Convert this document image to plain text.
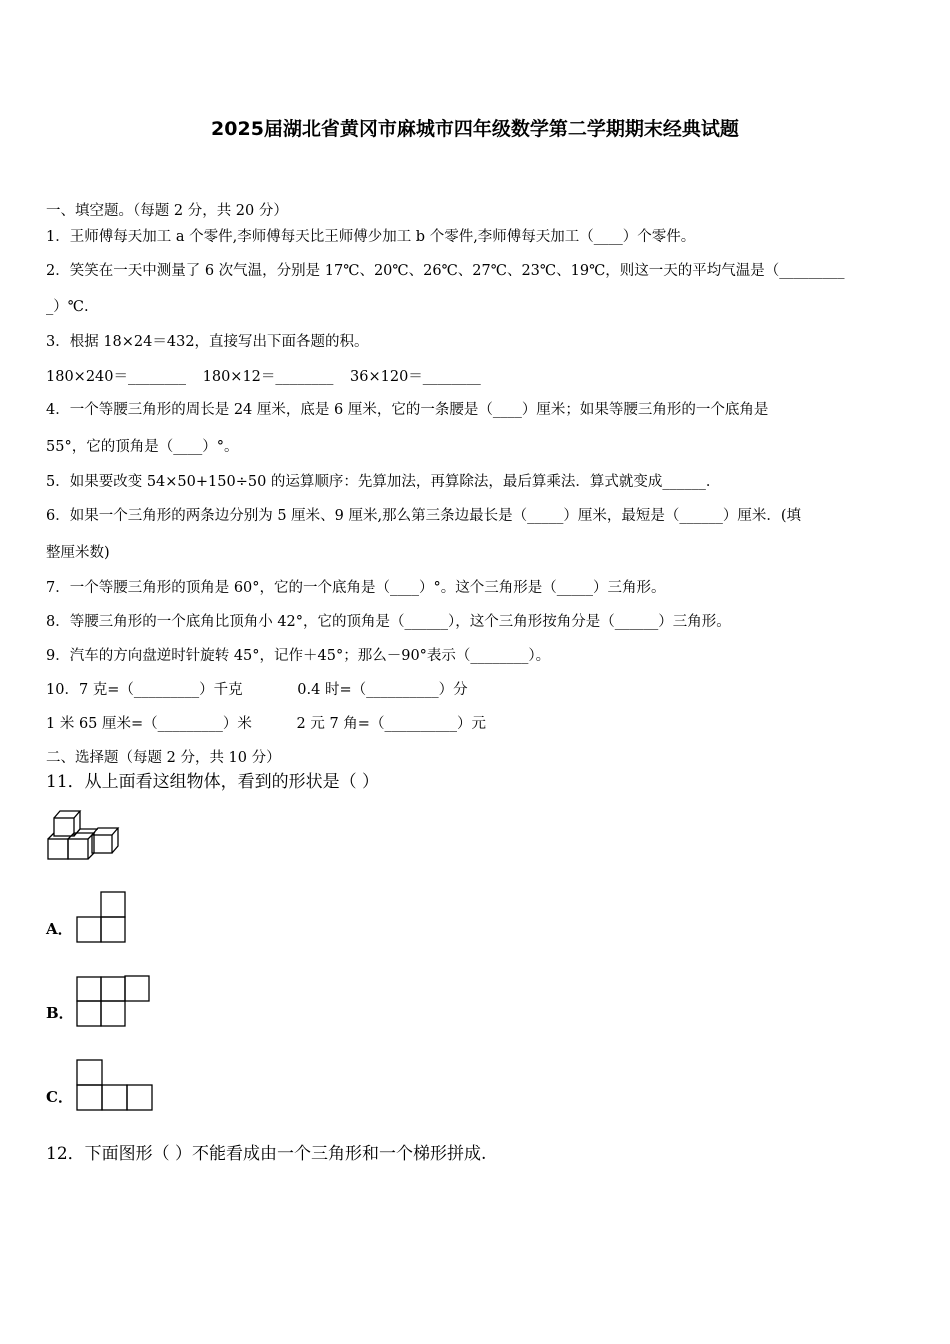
2025届湖北省黄冈市麻城市四年级数学第二学期期末经典试题
一、填空题。（每题 2 分，共 20 分）
1．王师傅每天加工 a 个零件,李师傅每天比王师傅少加工 b 个零件,李师傅每天加工（____）个零件。
2．笑笑在一天中测量了 6 次气温，分别是 17℃、20℃、26℃、27℃、23℃、19℃，则这一天的平均气温是（_________
_）℃.
3．根据 18×24＝432，直接写出下面各题的积。
180×240＝________ 180×12＝________ 36×120＝________
4．一个等腰三角形的周长是 24 厘米，底是 6 厘米，它的一条腰是（____）厘米；如果等腰三角形的一个底角是
55°，它的顶角是（____）°。
5．如果要改变 54×50+150÷50 的运算顺序：先算加法，再算除法，最后算乘法．算式就变成______．
6．如果一个三角形的两条边分别为 5 厘米、9 厘米,那么第三条边最长是（_____）厘米，最短是（______）厘米．(填
整厘米数)
7．一个等腰三角形的顶角是 60°，它的一个底角是（____）°。这个三角形是（_____）三角形。
8．等腰三角形的一个底角比顶角小 42°，它的顶角是（______），这个三角形按角分是（______）三角形。
9．汽车的方向盘逆时针旋转 45°，记作＋45°；那么－90°表示（________）。
10．7 克=（_________）千克	0.4 时=（__________）分
1 米 65 厘米=（_________）米	2 元 7 角=（__________）元
二、选择题（每题 2 分，共 10 分）
11．从上面看这组物体，看到的形状是（ ）
A．
B．
C．
12．下面图形（ ）不能看成由一个三角形和一个梯形拼成.
